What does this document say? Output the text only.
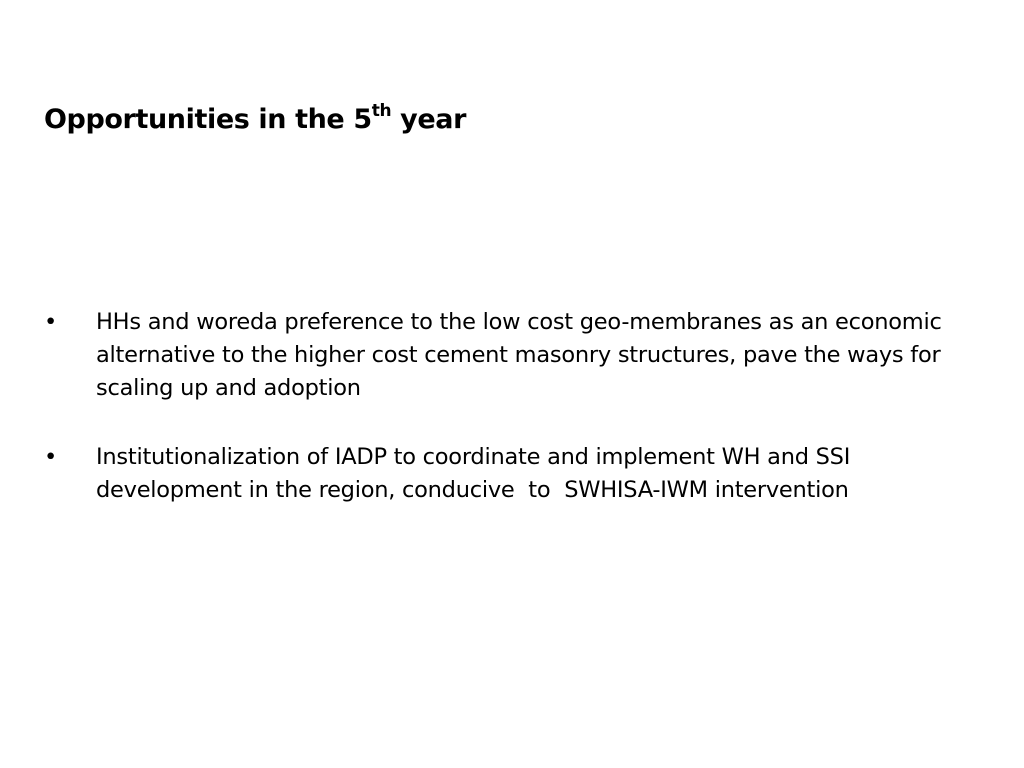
Opportunities in the 5th year
•	HHs and woreda preference to the low cost geo-membranes as an economic alternative to the higher cost cement masonry structures, pave the ways for scaling up and adoption
•	Institutionalization of IADP to coordinate and implement WH and SSI development in the region, conducive  to  SWHISA-IWM intervention
